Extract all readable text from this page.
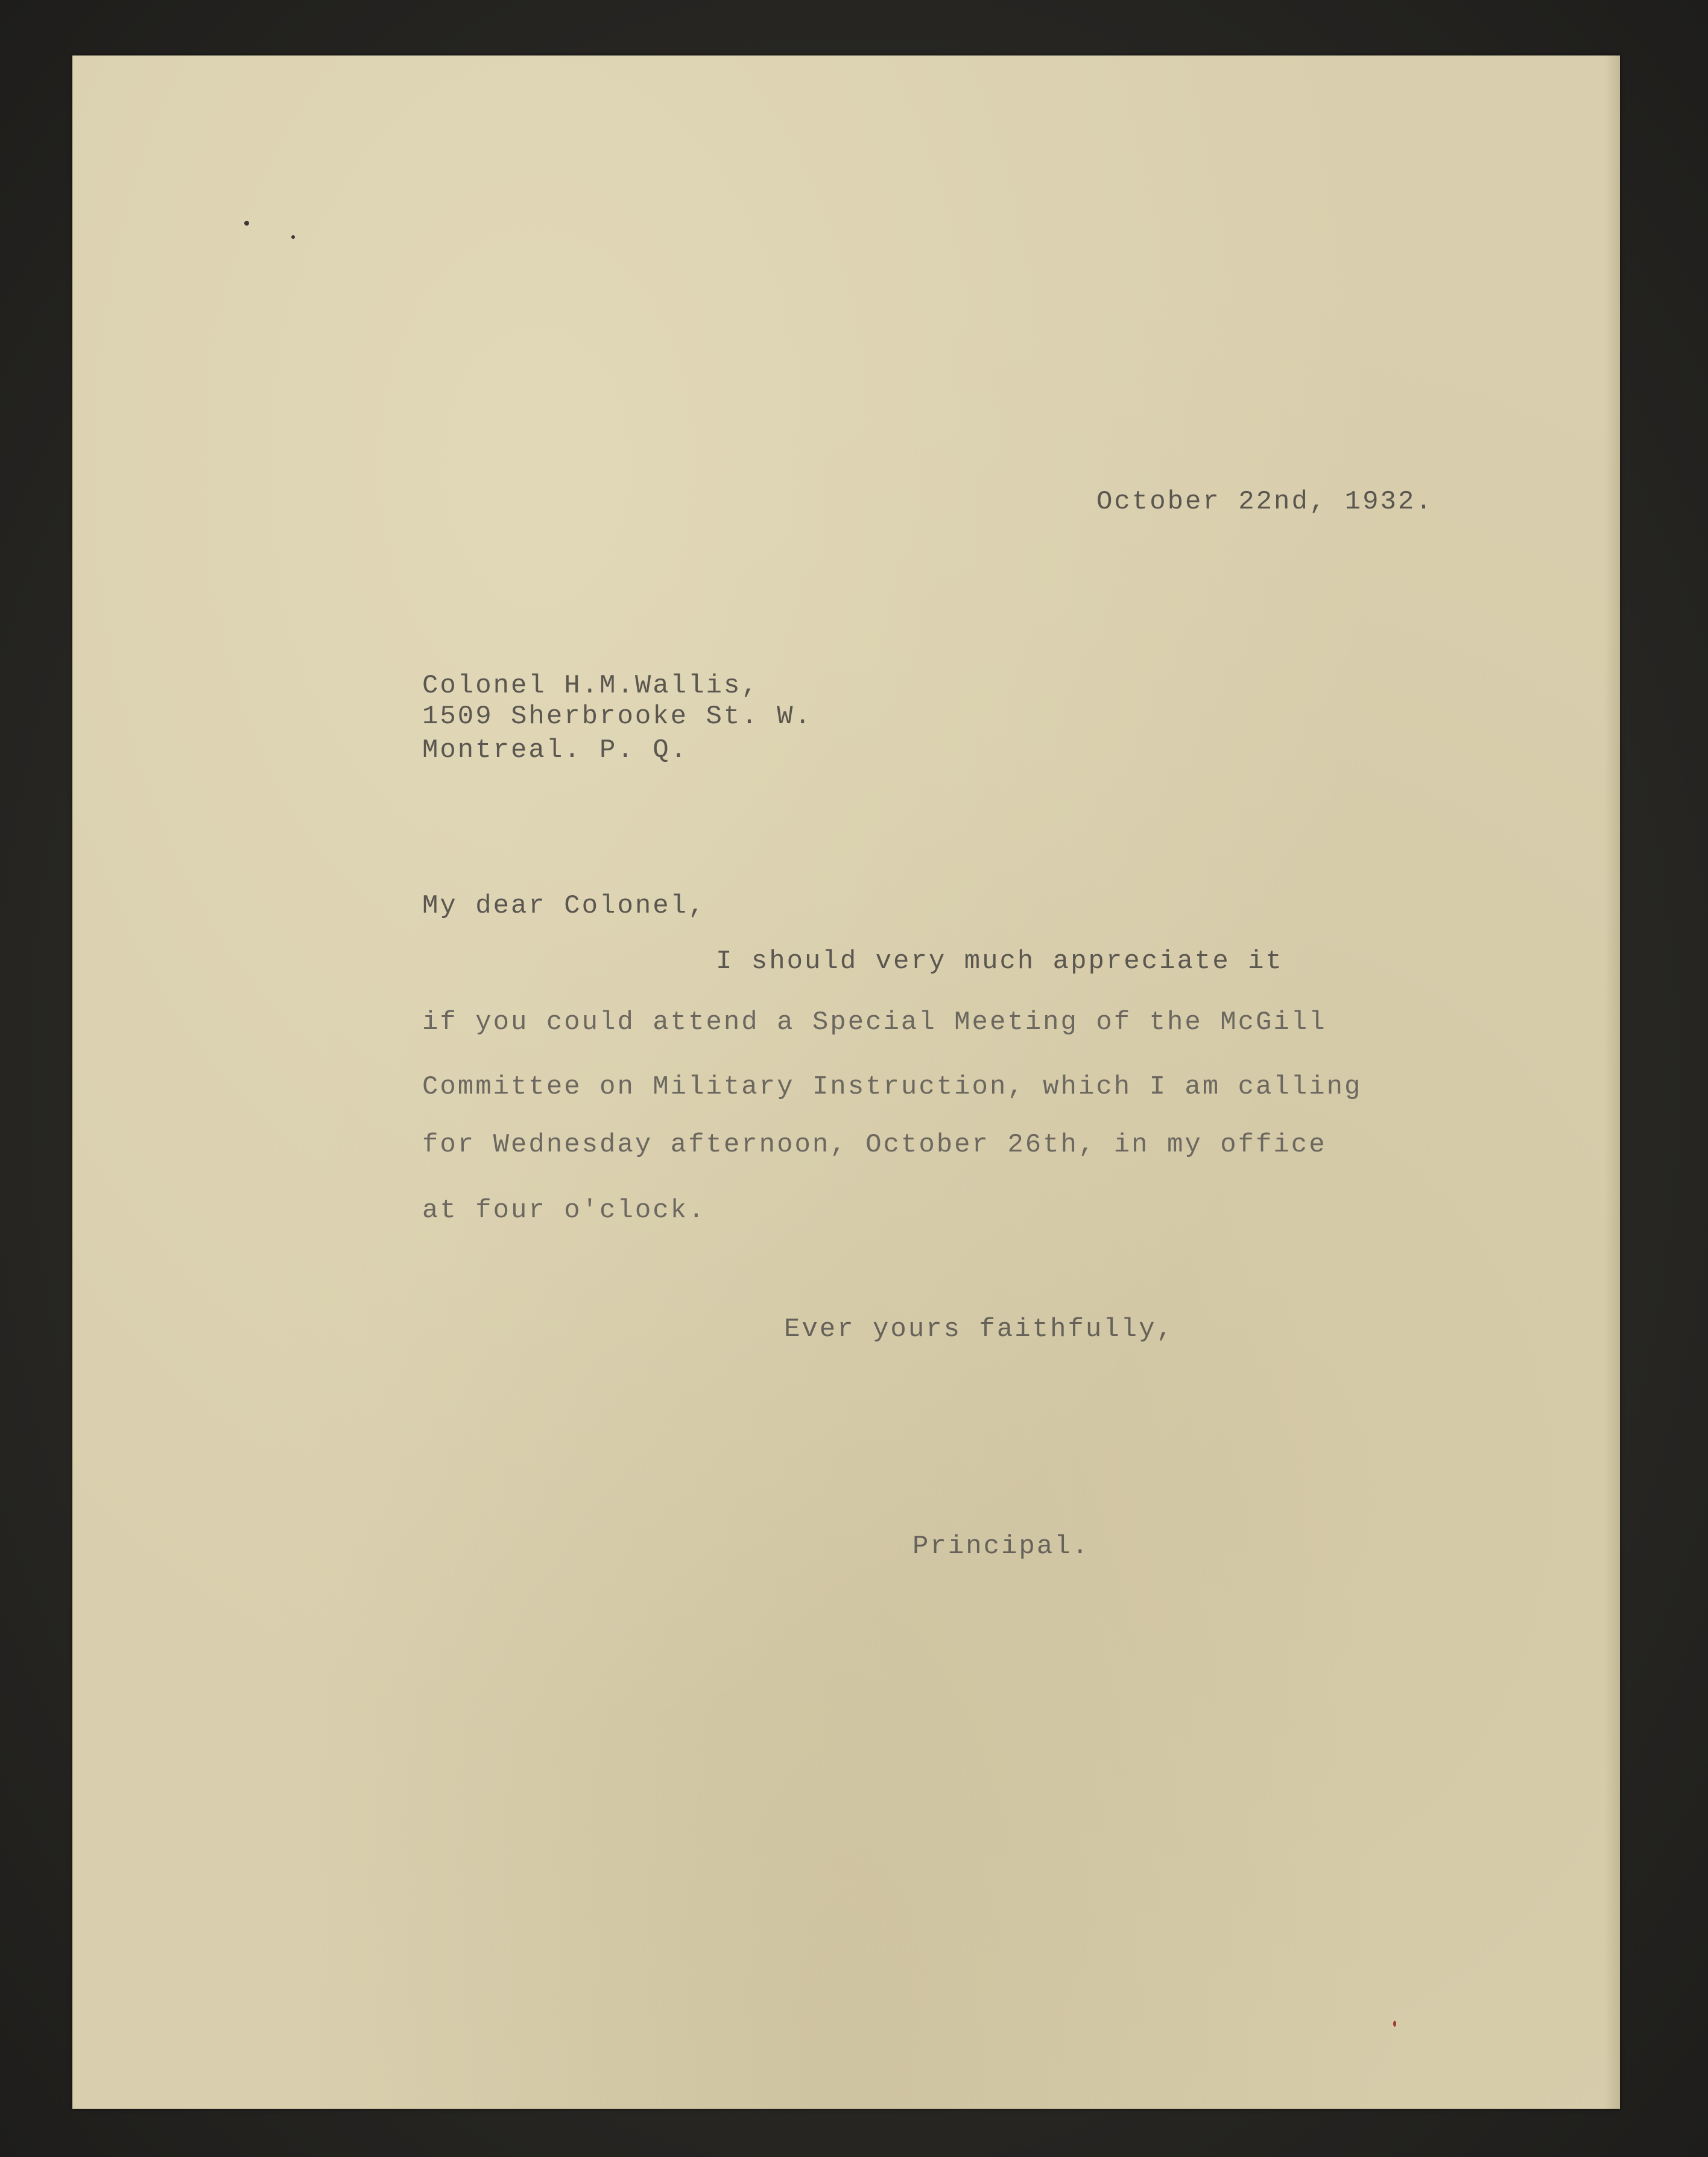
October 22nd, 1932.
Colonel H.M.Wallis,
1509 Sherbrooke St. W.
Montreal. P. Q.
My dear Colonel,
I should very much appreciate it
if you could attend a Special Meeting of the McGill
Committee on Military Instruction, which I am calling
for Wednesday afternoon, October 26th, in my office
at four o'clock.
Ever yours faithfully,
Principal.
